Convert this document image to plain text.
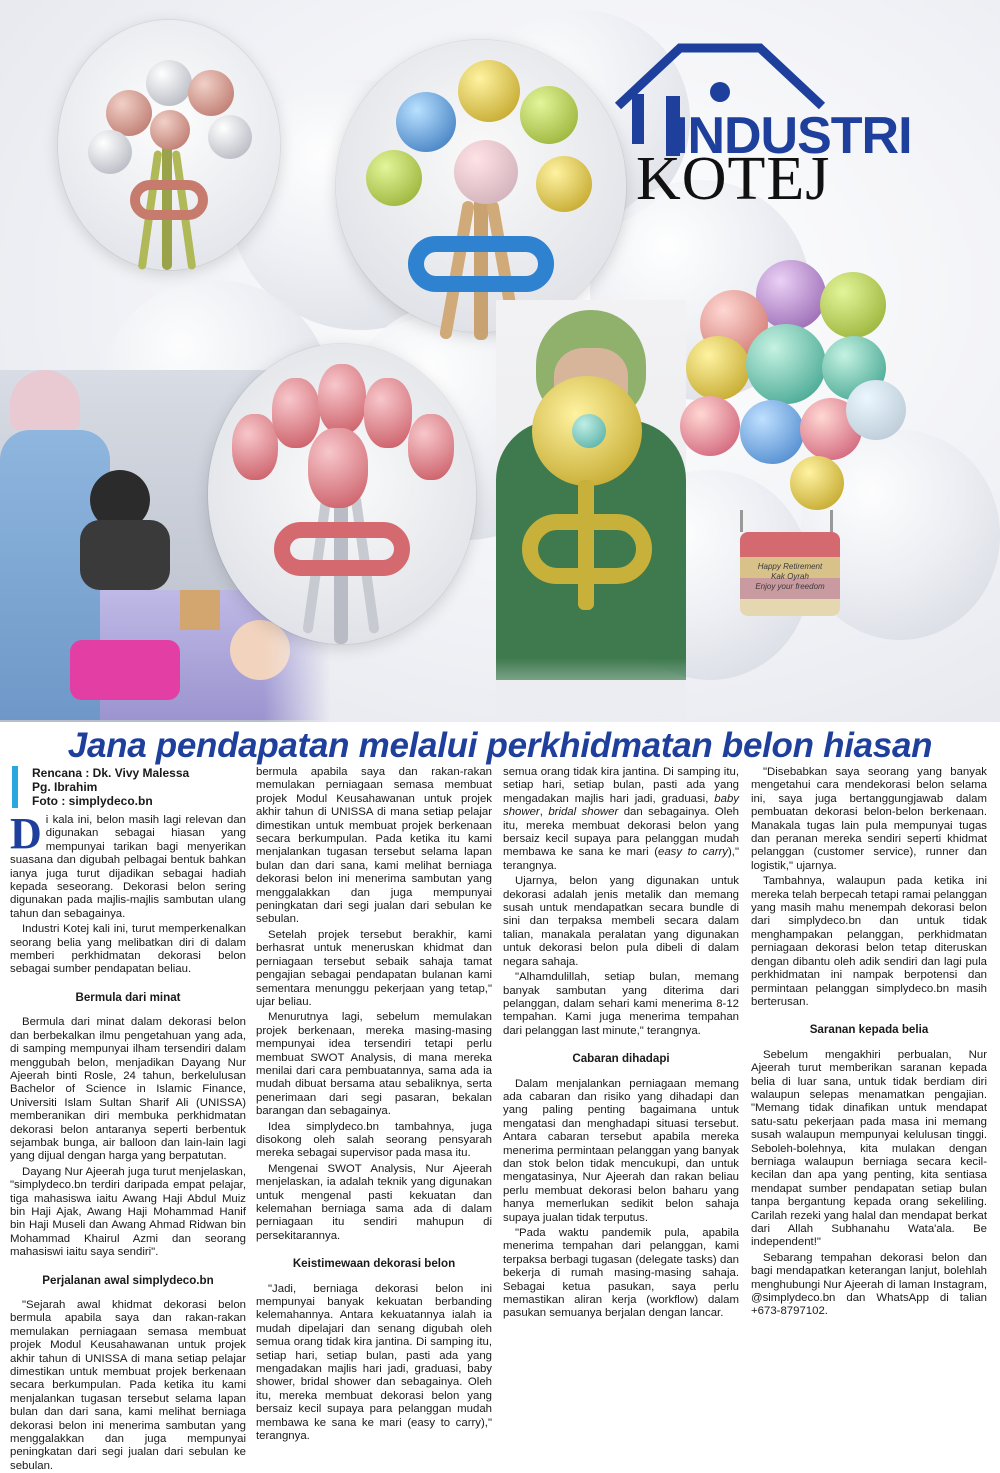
INDUSTRI
KOTEJ
Happy Retirement
Kak Oyrah
Enjoy your freedom
Jana pendapatan melalui perkhidmatan belon hiasan
Rencana : Dk. Vivy Malessa
Pg. Ibrahim
Foto : simplydeco.bn

Di kala ini, belon masih lagi relevan dan digunakan sebagai hiasan yang mempunyai tarikan bagi menyerikan suasana dan digubah pelbagai bentuk bahkan ianya juga turut dijadikan sebagai hadiah kepada seseorang. Dekorasi belon sering digunakan pada majlis-majlis sambutan ulang tahun dan sebagainya.

Industri Kotej kali ini, turut memperkenalkan seorang belia yang melibatkan diri di dalam memberi perkhidmatan dekorasi belon sebagai sumber pendapatan beliau.

Bermula dari minat

Bermula dari minat dalam dekorasi belon dan berbekalkan ilmu pengetahuan yang ada, di samping mempunyai ilham tersendiri dalam menggubah belon, menjadikan Dayang Nur Ajeerah binti Rosle, 24 tahun, berkelulusan Bachelor of Science in Islamic Finance, Universiti Islam Sultan Sharif Ali (UNISSA) memberanikan diri membuka perkhidmatan dekorasi belon antaranya seperti berbentuk sejambak bunga, air balloon dan lain-lain lagi yang dijual dengan harga yang berpatutan.

Dayang Nur Ajeerah juga turut menjelaskan, "simplydeco.bn terdiri daripada empat pelajar, tiga mahasiswa iaitu Awang Haji Abdul Muiz bin Haji Ajak, Awang Haji Mohammad Hanif bin Haji Museli dan Awang Ahmad Ridwan bin Mohammad Khairul Azmi dan seorang mahasiswi iaitu saya sendiri".

Perjalanan awal simplydeco.bn

"Sejarah awal khidmat dekorasi belon bermula apabila saya dan rakan-rakan memulakan perniagaan semasa membuat projek Modul Keusahawanan untuk projek akhir tahun di UNISSA di mana setiap pelajar dimestikan untuk membuat projek berkenaan secara berkumpulan. Pada ketika itu kami menjalankan tugasan tersebut selama lapan bulan dan dari sana, kami melihat berniaga dekorasi belon ini menerima sambutan yang menggalakkan dan juga mempunyai peningkatan dari segi jualan dari sebulan ke sebulan.

bermula apabila saya dan rakan-rakan memulakan perniagaan semasa membuat projek Modul Keusahawanan untuk projek akhir tahun di UNISSA di mana setiap pelajar dimestikan untuk membuat projek berkenaan secara berkumpulan. Pada ketika itu kami menjalankan tugasan tersebut selama lapan bulan dan dari sana, kami melihat berniaga dekorasi belon ini menerima sambutan yang menggalakkan dan juga mempunyai peningkatan dari segi jualan dari sebulan ke sebulan.

Setelah projek tersebut berakhir, kami berhasrat untuk meneruskan khidmat dan perniagaan tersebut sebaik sahaja tamat pengajian sebagai pendapatan bulanan kami sementara menunggu pekerjaan yang tetap," ujar beliau.

Menurutnya lagi, sebelum memulakan projek berkenaan, mereka masing-masing mempunyai idea tersendiri tetapi perlu membuat SWOT Analysis, di mana mereka menilai dari cara pembuatannya, sama ada ia mudah dibuat bersama atau sebaliknya, serta penerimaan dari segi pasaran, bekalan barangan dan sebagainya.

Idea simplydeco.bn tambahnya, juga disokong oleh salah seorang pensyarah mereka sebagai supervisor pada masa itu.

Mengenai SWOT Analysis, Nur Ajeerah menjelaskan, ia adalah teknik yang digunakan untuk mengenal pasti kekuatan dan kelemahan berniaga sama ada di dalam perniagaan itu sendiri mahupun di persekitarannya.

Keistimewaan dekorasi belon

"Jadi, berniaga dekorasi belon ini mempunyai banyak kekuatan berbanding kelemahannya. Antara kekuatannya ialah ia mudah dipelajari dan senang digubah oleh semua orang tidak kira jantina. Di samping itu, setiap hari, setiap bulan, pasti ada yang mengadakan majlis hari jadi, graduasi, baby shower, bridal shower dan sebagainya. Oleh itu, mereka membuat dekorasi belon yang bersaiz kecil supaya para pelanggan mudah membawa ke sana ke mari (easy to carry)," terangnya.

semua orang tidak kira jantina. Di samping itu, setiap hari, setiap bulan, pasti ada yang mengadakan majlis hari jadi, graduasi, baby shower, bridal shower dan sebagainya. Oleh itu, mereka membuat dekorasi belon yang bersaiz kecil supaya para pelanggan mudah membawa ke sana ke mari (easy to carry)," terangnya.

Ujarnya, belon yang digunakan untuk dekorasi adalah jenis metalik dan memang susah untuk mendapatkan secara bundle di sini dan terpaksa membeli secara dalam talian, manakala peralatan yang digunakan untuk dekorasi belon pula dibeli di dalam negara sahaja.

"Alhamdulillah, setiap bulan, memang banyak sambutan yang diterima dari pelanggan, dalam sehari kami menerima 8-12 tempahan. Kami juga menerima tempahan dari pelanggan last minute," terangnya.

Cabaran dihadapi

Dalam menjalankan perniagaan memang ada cabaran dan risiko yang dihadapi dan yang paling penting bagaimana untuk mengatasi dan menghadapi situasi tersebut. Antara cabaran tersebut apabila mereka menerima permintaan pelanggan yang banyak dan stok belon tidak mencukupi, dan untuk mengatasinya, Nur Ajeerah dan rakan beliau perlu membuat dekorasi belon baharu yang hanya memerlukan sedikit belon sahaja supaya jualan tidak terputus.

"Pada waktu pandemik pula, apabila menerima tempahan dari pelanggan, kami terpaksa berbagi tugasan (delegate tasks) dan bekerja di rumah masing-masing sahaja. Sebagai ketua pasukan, saya perlu memastikan aliran kerja (workflow) dalam pasukan semuanya berjalan dengan lancar.

"Disebabkan saya seorang yang banyak mengetahui cara mendekorasi belon selama ini, saya juga bertanggungjawab dalam pembuatan dekorasi belon-belon berkenaan. Manakala tugas lain pula mempunyai tugas dan peranan mereka sendiri seperti khidmat pelanggan (customer service), runner dan logistik," ujarnya.

Tambahnya, walaupun pada ketika ini mereka telah berpecah tetapi ramai pelanggan yang masih mahu menempah dekorasi belon dari simplydeco.bn dan untuk tidak menghampakan pelanggan, perkhidmatan perniagaan dekorasi belon tetap diteruskan dengan dibantu oleh adik sendiri dan lagi pula perkhidmatan ini nampak berpotensi dan permintaan pelanggan simplydeco.bn masih berterusan.

Saranan kepada belia

Sebelum mengakhiri perbualan, Nur Ajeerah turut memberikan saranan kepada belia di luar sana, untuk tidak berdiam diri walaupun selepas menamatkan pengajian. "Memang tidak dinafikan untuk mendapat satu-satu pekerjaan pada masa ini memang susah walaupun mempunyai kelulusan tinggi. Seboleh-bolehnya, kita mulakan dengan berniaga walaupun berniaga secara kecil-kecilan dan apa yang penting, kita sentiasa mendapat sumber pendapatan setiap bulan tanpa bergantung kepada orang sekeliling. Carilah rezeki yang halal dan mendapat berkat dari Allah Subhanahu Wata'ala. Be independent!"

Sebarang tempahan dekorasi belon dan bagi mendapatkan keterangan lanjut, bolehlah menghubungi Nur Ajeerah di laman Instagram, @simplydeco.bn dan WhatsApp di talian +673-8797102.
